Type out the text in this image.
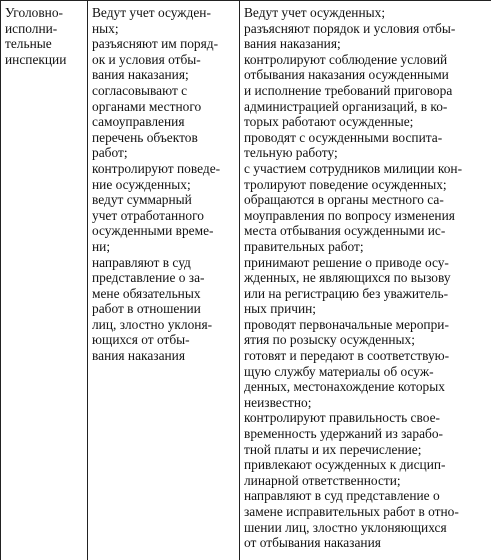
Уголовно-
исполни-
тельные
инспекции

Ведут учет осужден-
ных;
разъясняют им поряд-
ок и условия отбы-
вания наказания;
согласовывают с
органами местного
самоуправления
перечень объектов
работ;
контролируют поведе-
ние осужденных;
ведут суммарный
учет отработанного
осужденными време-
ни;
направляют в суд
представление о за-
мене обязательных
работ в отношении
лиц, злостно уклоня-
ющихся от отбы-
вания наказания

Ведут учет осужденных;
разъясняют порядок и условия отбы-
вания наказания;
контролируют соблюдение условий
отбывания наказания осужденными
и исполнение требований приговора
администрацией организаций, в ко-
торых работают осужденные;
проводят с осужденными воспита-
тельную работу;
с участием сотрудников милиции кон-
тролируют поведение осужденных;
обращаются в органы местного са-
моуправления по вопросу изменения
места отбывания осужденными ис-
правительных работ;
принимают решение о приводе осу-
жденных, не являющихся по вызову
или на регистрацию без уважитель-
ных причин;
проводят первоначальные меропри-
ятия по розыску осужденных;
готовят и передают в соответствую-
щую службу материалы об осуж-
денных, местонахождение которых
неизвестно;
контролируют правильность свое-
временность удержаний из зарабо-
тной платы и их перечисление;
привлекают осужденных к дисцип-
линарной ответственности;
направляют в суд представление о
замене исправительных работ в отно-
шении лиц, злостно уклоняющихся
от отбывания наказания
